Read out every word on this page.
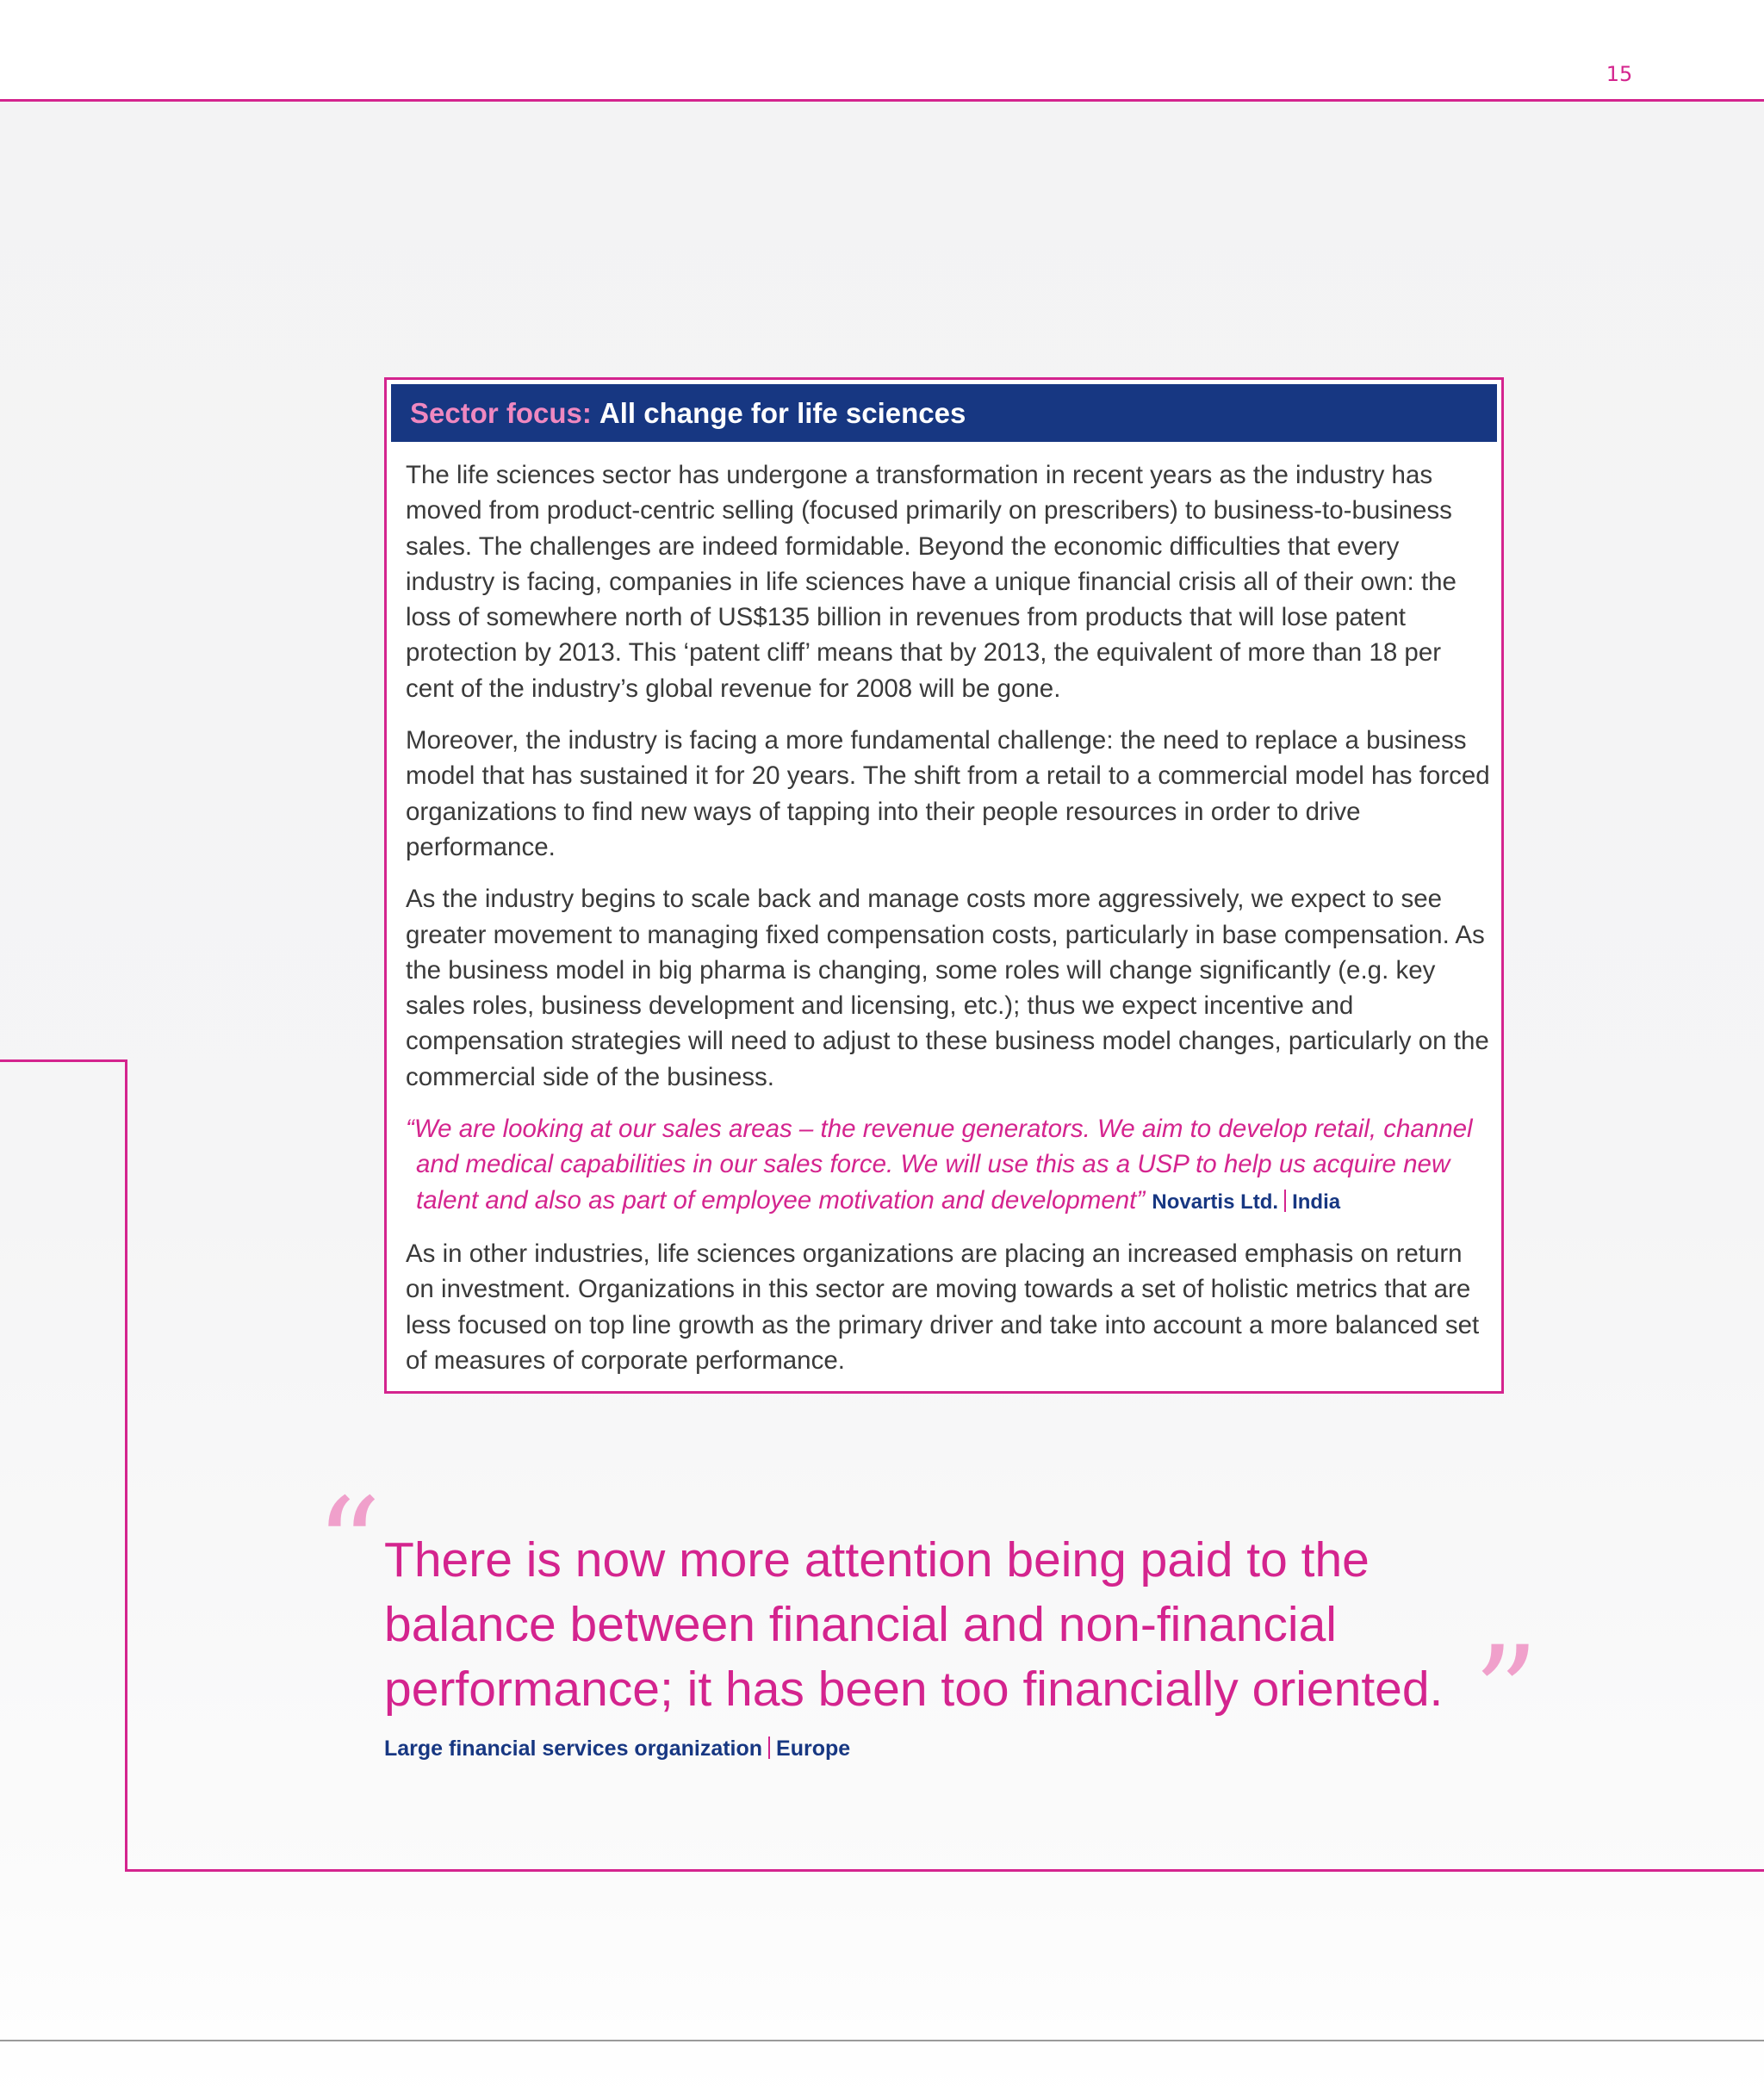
15
Sector focus: All change for life sciences

The life sciences sector has undergone a transformation in recent years as the industry has moved from product-centric selling (focused primarily on prescribers) to business-to-business sales. The challenges are indeed formidable. Beyond the economic difficulties that every industry is facing, companies in life sciences have a unique financial crisis all of their own: the loss of somewhere north of US$135 billion in revenues from products that will lose patent protection by 2013. This ‘patent cliff’ means that by 2013, the equivalent of more than 18 per cent of the industry’s global revenue for 2008 will be gone.

Moreover, the industry is facing a more fundamental challenge: the need to replace a business model that has sustained it for 20 years. The shift from a retail to a commercial model has forced organizations to find new ways of tapping into their people resources in order to drive performance.

As the industry begins to scale back and manage costs more aggressively, we expect to see greater movement to managing fixed compensation costs, particularly in base compensation. As the business model in big pharma is changing, some roles will change significantly (e.g. key sales roles, business development and licensing, etc.); thus we expect incentive and compensation strategies will need to adjust to these business model changes, particularly on the commercial side of the business.

“We are looking at our sales areas – the revenue generators. We aim to develop retail, channel and medical capabilities in our sales force. We will use this as a USP to help us acquire new talent and also as part of employee motivation and development” Novartis Ltd. India

As in other industries, life sciences organizations are placing an increased emphasis on return on investment. Organizations in this sector are moving towards a set of holistic metrics that are less focused on top line growth as the primary driver and take into account a more balanced set of measures of corporate performance.

“ There is now more attention being paid to the balance between financial and non-financial performance; it has been too financially oriented. ”
Large financial services organization Europe
